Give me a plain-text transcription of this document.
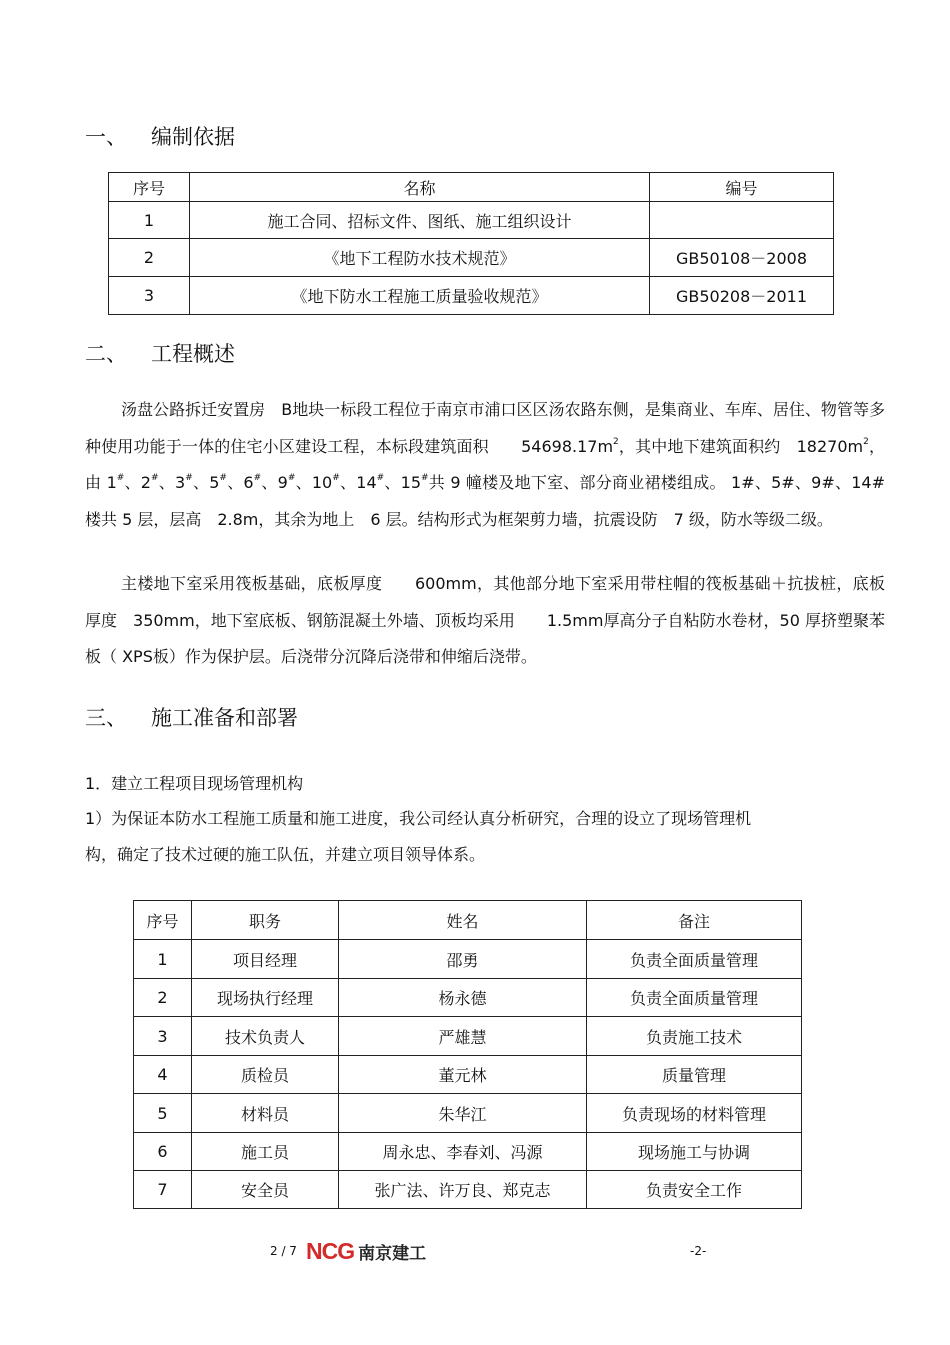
一、 编制依据
序号	名称	编号
1	施工合同、招标文件、图纸、施工组织设计	
2	《地下工程防水技术规范》	GB50108－2008
3	《地下防水工程施工质量验收规范》	GB50208－2011
二、 工程概述
汤盘公路拆迁安置房　B地块一标段工程位于南京市浦口区区汤农路东侧，是集商业、车库、居住、物管等多种使用功能于一体的住宅小区建设工程，本标段建筑面积　　$54698.17m^2$，其中地下建筑面积约　$18270m^2$，由 1#、2#、3#、5#、6#、9#、10#、14#、15#共 9 幢楼及地下室、部分商业裙楼组成。 1#、5#、9#、14#楼共 5 层，层高　2.8m，其余为地上　6 层。结构形式为框架剪力墙，抗震设防　7 级，防水等级二级。
主楼地下室采用筏板基础，底板厚度　　600mm，其他部分地下室采用带柱帽的筏板基础＋抗拔桩，底板厚度　350mm，地下室底板、钢筋混凝土外墙、顶板均采用　　1.5mm厚高分子自粘防水卷材，50 厚挤塑聚苯板（ XPS板）作为保护层。后浇带分沉降后浇带和伸缩后浇带。
三、 施工准备和部署
1．建立工程项目现场管理机构
1）为保证本防水工程施工质量和施工进度，我公司经认真分析研究，合理的设立了现场管理机
构，确定了技术过硬的施工队伍，并建立项目领导体系。
序号	职务	姓名	备注
1	项目经理	邵勇	负责全面质量管理
2	现场执行经理	杨永德	负责全面质量管理
3	技术负责人	严雄慧	负责施工技术
4	质检员	董元林	质量管理
5	材料员	朱华江	负责现场的材料管理
6	施工员	周永忠、李春刘、冯源	现场施工与协调
7	安全员	张广法、许万良、郑克志	负责安全工作
2 / 7 NCG 南京建工	-2-
